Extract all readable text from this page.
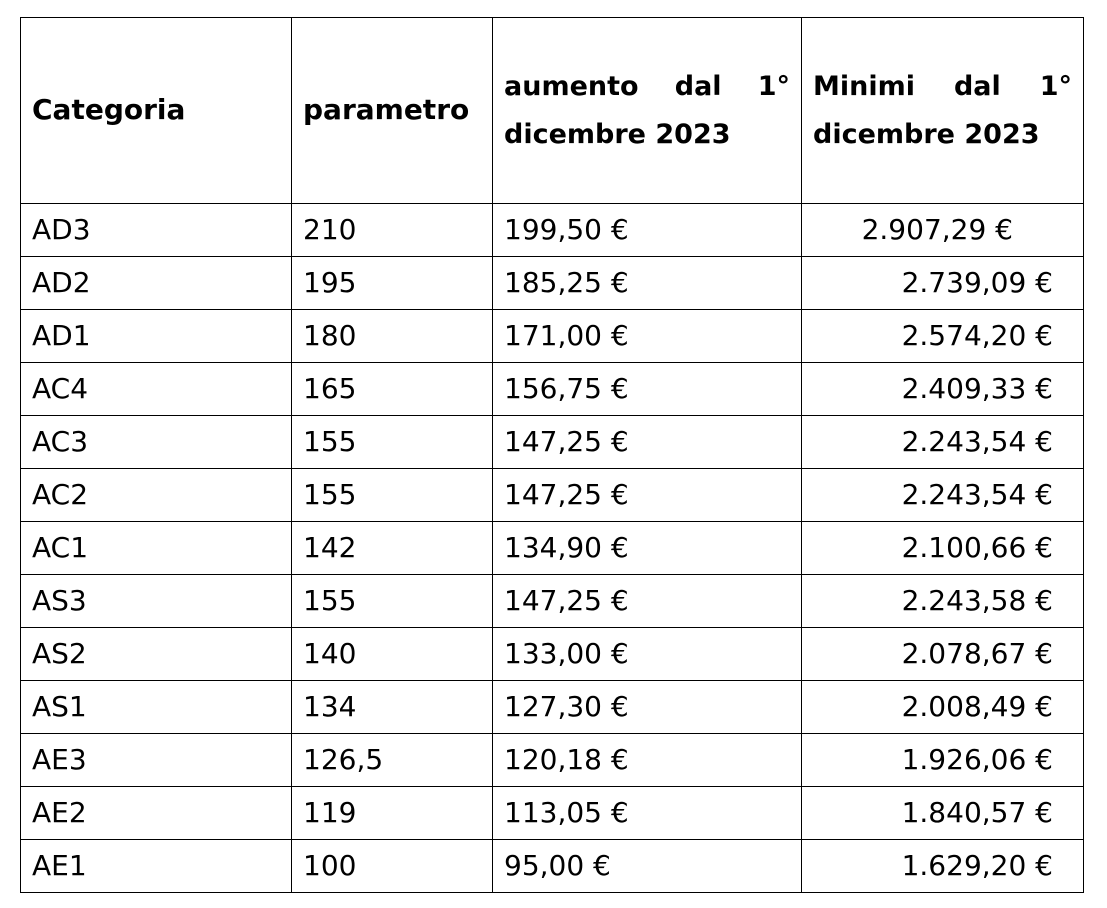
Categoria	parametro	aumento dal 1° dicembre 2023	Minimi dal 1° dicembre 2023
AD3	210	199,50 €	2.907,29 €
AD2	195	185,25 €	2.739,09 €
AD1	180	171,00 €	2.574,20 €
AC4	165	156,75 €	2.409,33 €
AC3	155	147,25 €	2.243,54 €
AC2	155	147,25 €	2.243,54 €
AC1	142	134,90 €	2.100,66 €
AS3	155	147,25 €	2.243,58 €
AS2	140	133,00 €	2.078,67 €
AS1	134	127,30 €	2.008,49 €
AE3	126,5	120,18 €	1.926,06 €
AE2	119	113,05 €	1.840,57 €
AE1	100	95,00 €	1.629,20 €
